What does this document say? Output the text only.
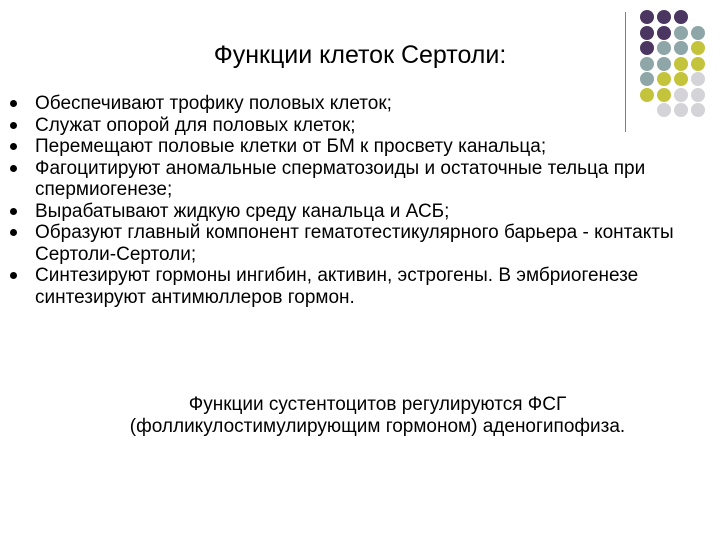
Функции клеток Сертоли:
Обеспечивают трофику половых клеток;
Служат опорой для половых клеток;
Перемещают половые клетки от БМ к просвету канальца;
Фагоцитируют аномальные сперматозоиды и остаточные тельца при спермиогенезе;
Вырабатывают жидкую среду канальца и АСБ;
Образуют главный компонент гематотестикулярного барьера - контакты Сертоли-Сертоли;
Синтезируют гормоны ингибин, активин, эстрогены. В эмбриогенезе синтезируют антимюллеров гормон.
Функции сустентоцитов регулируются ФСГ
(фолликулостимулирующим гормоном) аденогипофиза.
